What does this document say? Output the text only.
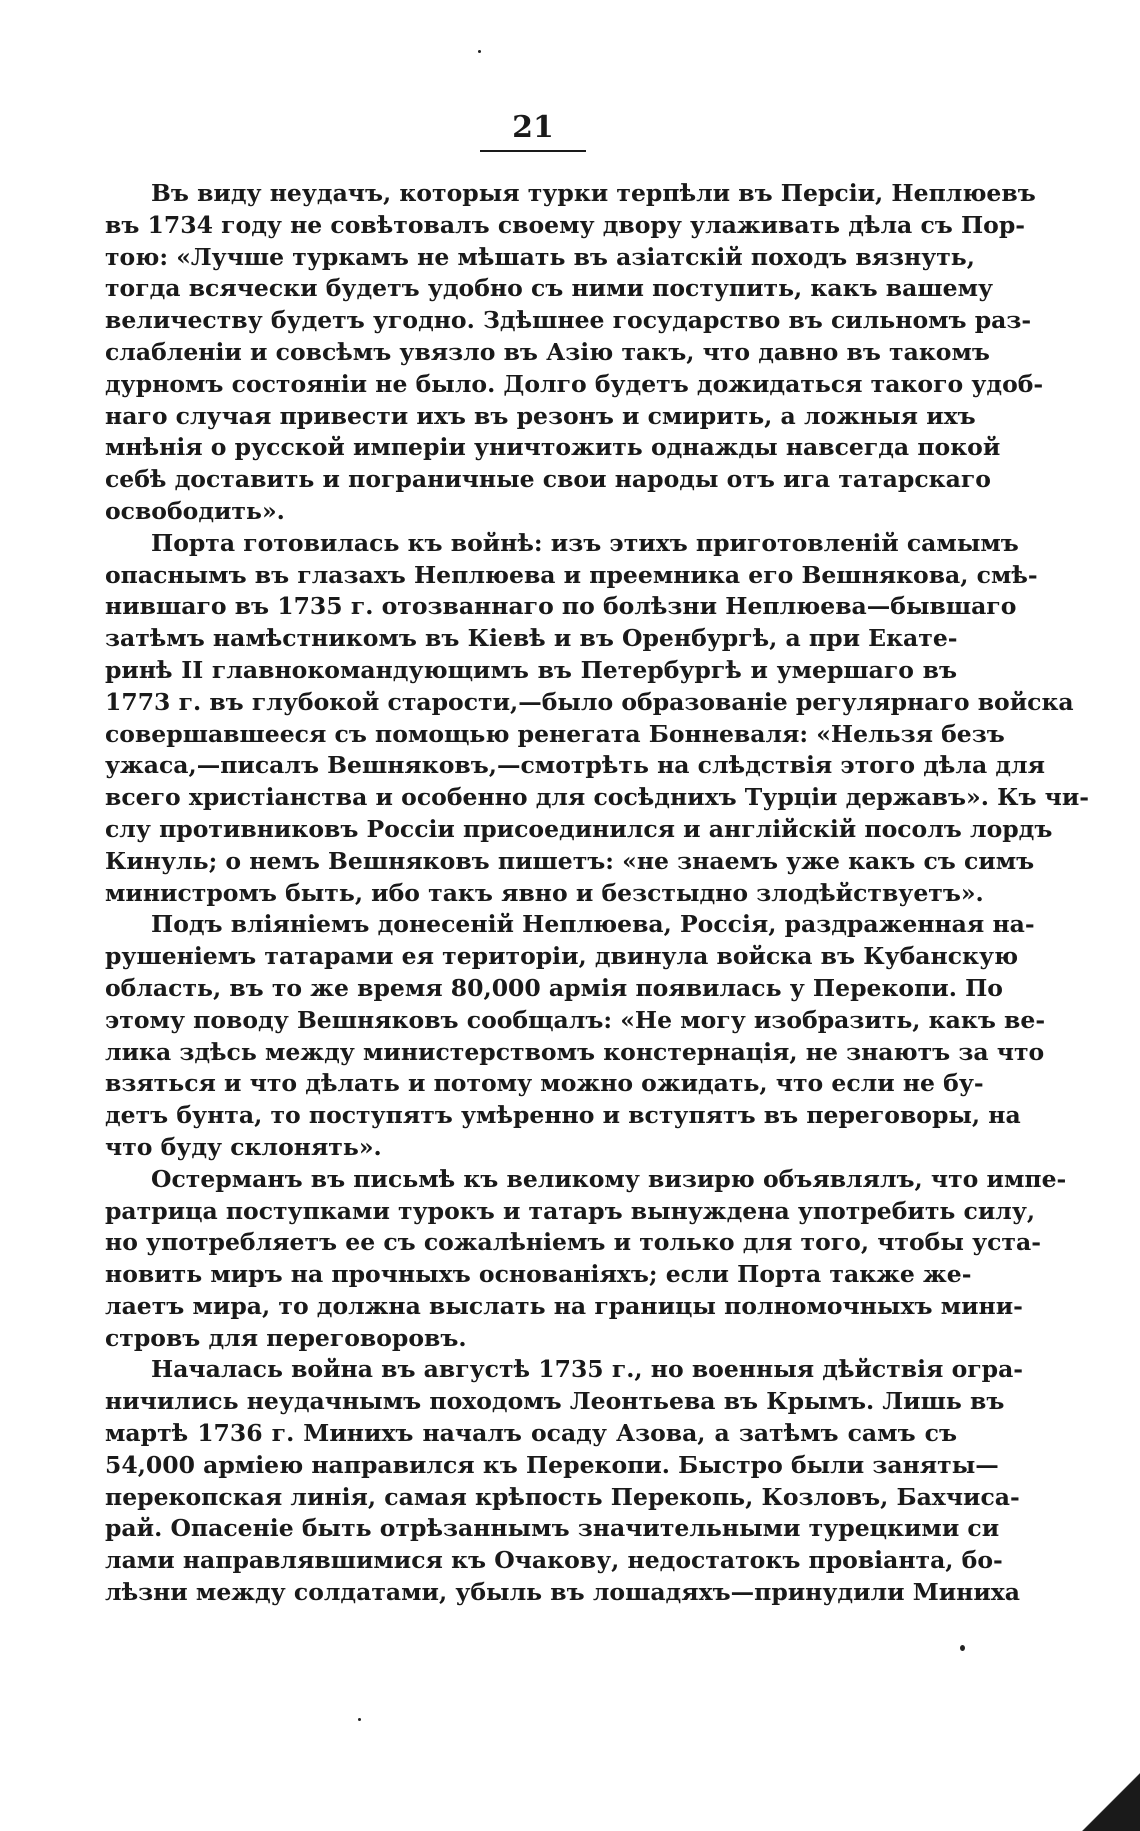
21

Въ виду неудачъ, которыя турки терпѣли въ Персіи, Неплюевъ
въ 1734 году не совѣтовалъ своему двору улаживать дѣла съ Пор-
тою: «Лучше туркамъ не мѣшать въ азіатскій походъ вязнуть,
тогда всячески будетъ удобно съ ними поступить, какъ вашему
величеству будетъ угодно. Здѣшнее государство въ сильномъ раз-
слабленіи и совсѣмъ увязло въ Азію такъ, что давно въ такомъ
дурномъ состояніи не было. Долго будетъ дожидаться такого удоб-
наго случая привести ихъ въ резонъ и смирить, а ложныя ихъ
мнѣнія о русской имперіи уничтожить однажды навсегда покой
себѣ доставить и пограничные свои народы отъ ига татарскаго
освободить».

Порта готовилась къ войнѣ: изъ этихъ приготовленій самымъ
опаснымъ въ глазахъ Неплюева и преемника его Вешнякова, смѣ-
нившаго въ 1735 г. отозваннаго по болѣзни Неплюева—бывшаго
затѣмъ намѣстникомъ въ Кіевѣ и въ Оренбургѣ, а при Екате-
ринѣ II главнокомандующимъ въ Петербургѣ и умершаго въ
1773 г. въ глубокой старости,—было образованіе регулярнаго войска
совершавшееся съ помощью ренегата Бонневаля: «Нельзя безъ
ужаса,—писалъ Вешняковъ,—смотрѣть на слѣдствія этого дѣла для
всего христіанства и особенно для сосѣднихъ Турціи державъ». Къ чи-
слу противниковъ Россіи присоединился и англійскій посолъ лордъ
Кинуль; о немъ Вешняковъ пишетъ: «не знаемъ уже какъ съ симъ
министромъ быть, ибо такъ явно и безстыдно злодѣйствуетъ».

Подъ вліяніемъ донесеній Неплюева, Россія, раздраженная на-
рушеніемъ татарами ея територіи, двинула войска въ Кубанскую
область, въ то же время 80,000 армія появилась у Перекопи. По
этому поводу Вешняковъ сообщалъ: «Не могу изобразить, какъ ве-
лика здѣсь между министерствомъ констернація, не знаютъ за что
взяться и что дѣлать и потому можно ожидать, что если не бу-
детъ бунта, то поступятъ умѣренно и вступятъ въ переговоры, на
что буду склонять».

Остерманъ въ письмѣ къ великому визирю объявлялъ, что импе-
ратрица поступками турокъ и татаръ вынуждена употребить силу,
но употребляетъ ее съ сожалѣніемъ и только для того, чтобы уста-
новить миръ на прочныхъ основаніяхъ; если Порта также же-
лаетъ мира, то должна выслать на границы полномочныхъ мини-
стровъ для переговоровъ.

Началась война въ августѣ 1735 г., но военныя дѣйствія огра-
ничились неудачнымъ походомъ Леонтьева въ Крымъ. Лишь въ
мартѣ 1736 г. Минихъ началъ осаду Азова, а затѣмъ самъ съ
54,000 арміею направился къ Перекопи. Быстро были заняты—
перекопская линія, самая крѣпость Перекопь, Козловъ, Бахчиса-
рай. Опасеніе быть отрѣзаннымъ значительными турецкими си
лами направлявшимися къ Очакову, недостатокъ провіанта, бо-
лѣзни между солдатами, убыль въ лошадяхъ—принудили Миниха
